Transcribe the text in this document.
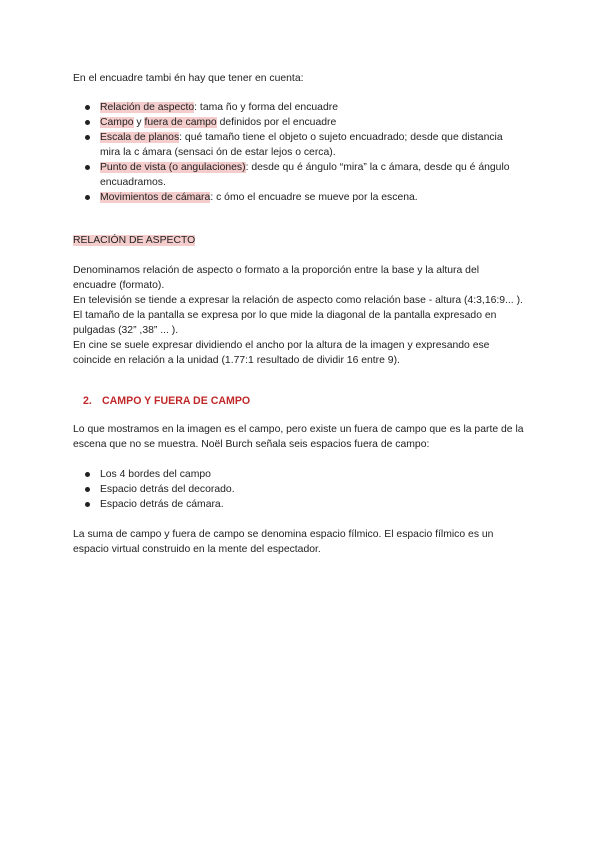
En el encuadre tambi én hay que tener en cuenta:

Relación de aspecto: tama ño y forma del encuadre
Campo y fuera de campo definidos por el encuadre
Escala de planos: qué tamaño tiene el objeto o sujeto encuadrado; desde que distancia mira la c ámara (sensaci ón de estar lejos o cerca).
Punto de vista (o angulaciones): desde qu é ángulo “mira” la c ámara, desde qu é ángulo encuadramos.
Movimientos de cámara: c ómo el encuadre se mueve por la escena.
RELACIÓN DE ASPECTO

Denominamos relación de aspecto o formato a la proporción entre la base y la altura del encuadre (formato).

En televisión se tiende a expresar la relación de aspecto como relación base - altura (4:3,16:9... ). El tamaño de la pantalla se expresa por lo que mide la diagonal de la pantalla expresado en pulgadas (32” ,38” ... ).

En cine se suele expresar dividiendo el ancho por la altura de la imagen y expresando ese coincide en relación a la unidad (1.77:1 resultado de dividir 16 entre 9).

2. CAMPO Y FUERA DE CAMPO

Lo que mostramos en la imagen es el campo, pero existe un fuera de campo que es la parte de la escena que no se muestra. Noël Burch señala seis espacios fuera de campo:

Los 4 bordes del campo
Espacio detrás del decorado.
Espacio detrás de cámara.

La suma de campo y fuera de campo se denomina espacio fílmico. El espacio fílmico es un espacio virtual construido en la mente del espectador.
